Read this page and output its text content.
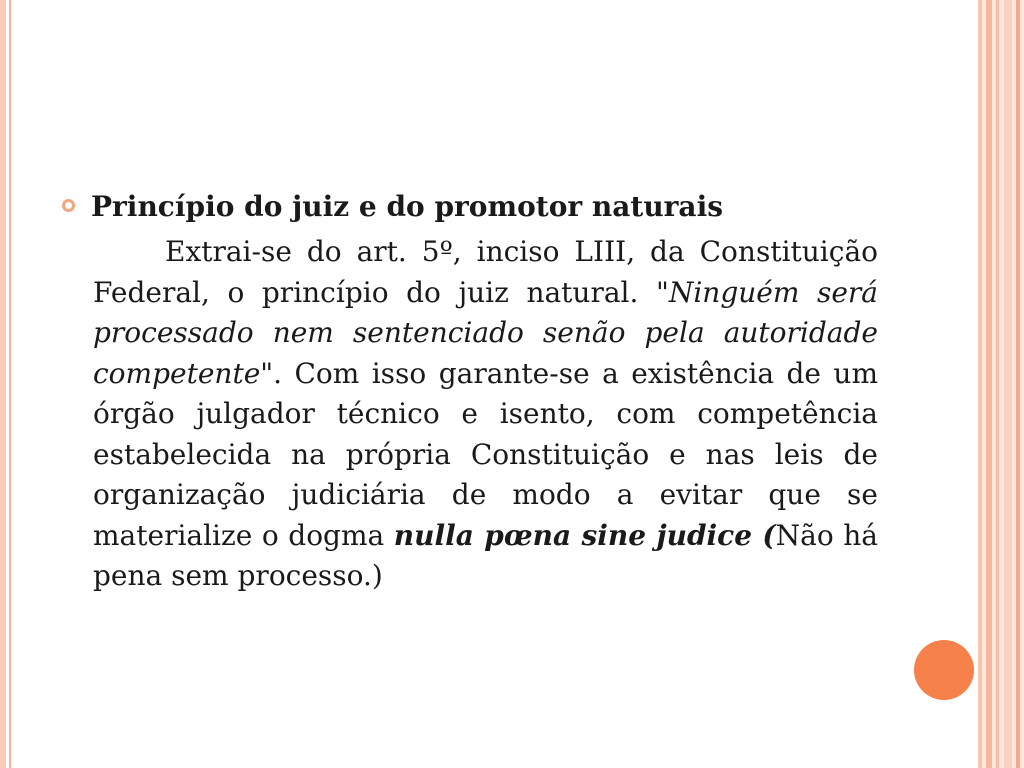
Princípio do juiz e do promotor naturais

Extrai-se do art. 5º, inciso LIII, da Constituição Federal, o princípio do juiz natural. "Ninguém será processado nem sentenciado senão pela autoridade competente". Com isso garante-se a existência de um órgão julgador técnico e isento, com competência estabelecida na própria Constituição e nas leis de organização judiciária de modo a evitar que se materialize o dogma nulla pœna sine judice (Não há pena sem processo.)
